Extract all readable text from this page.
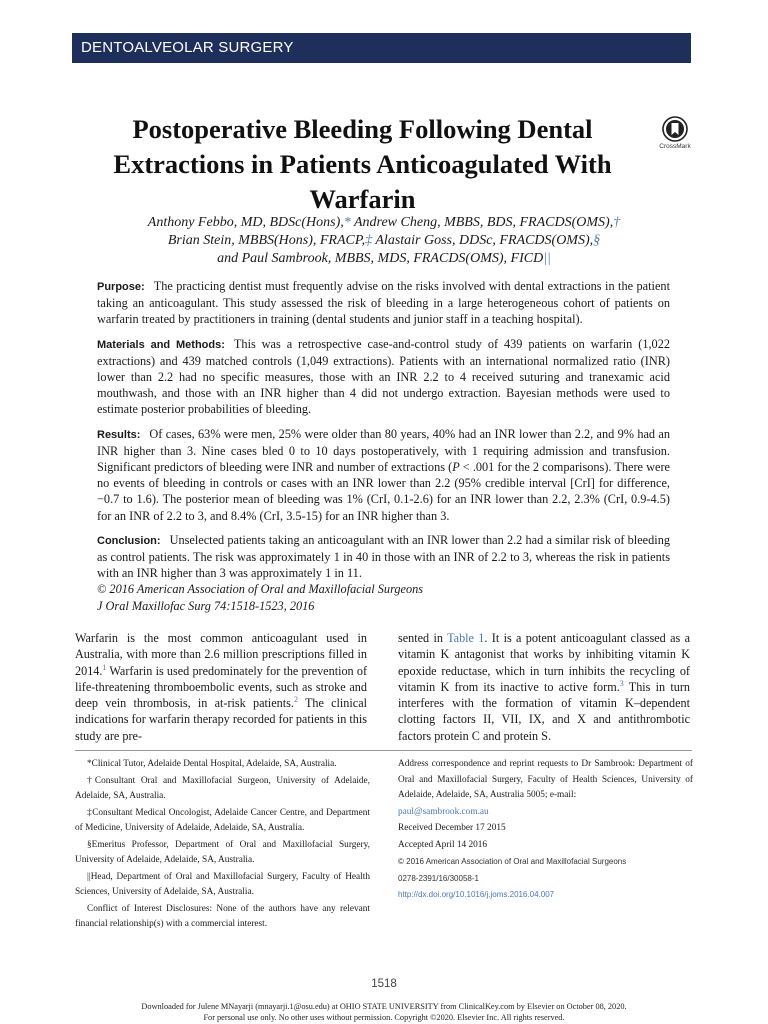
DENTOALVEOLAR SURGERY
Postoperative Bleeding Following Dental Extractions in Patients Anticoagulated With Warfarin
CrossMark
Anthony Febbo, MD, BDSc(Hons),* Andrew Cheng, MBBS, BDS, FRACDS(OMS),†
Brian Stein, MBBS(Hons), FRACP,‡ Alastair Goss, DDSc, FRACDS(OMS),§
and Paul Sambrook, MBBS, MDS, FRACDS(OMS), FICD||

Purpose: The practicing dentist must frequently advise on the risks involved with dental extractions in the patient taking an anticoagulant. This study assessed the risk of bleeding in a large heterogeneous cohort of patients on warfarin treated by practitioners in training (dental students and junior staff in a teaching hospital).

Materials and Methods: This was a retrospective case-and-control study of 439 patients on warfarin (1,022 extractions) and 439 matched controls (1,049 extractions). Patients with an international normalized ratio (INR) lower than 2.2 had no specific measures, those with an INR 2.2 to 4 received suturing and tranexamic acid mouthwash, and those with an INR higher than 4 did not undergo extraction. Bayesian methods were used to estimate posterior probabilities of bleeding.

Results: Of cases, 63% were men, 25% were older than 80 years, 40% had an INR lower than 2.2, and 9% had an INR higher than 3. Nine cases bled 0 to 10 days postoperatively, with 1 requiring admission and transfusion. Significant predictors of bleeding were INR and number of extractions (P < .001 for the 2 comparisons). There were no events of bleeding in controls or cases with an INR lower than 2.2 (95% credible interval [CrI] for difference, −0.7 to 1.6). The posterior mean of bleeding was 1% (CrI, 0.1-2.6) for an INR lower than 2.2, 2.3% (CrI, 0.9-4.5) for an INR of 2.2 to 3, and 8.4% (CrI, 3.5-15) for an INR higher than 3.

Conclusion: Unselected patients taking an anticoagulant with an INR lower than 2.2 had a similar risk of bleeding as control patients. The risk was approximately 1 in 40 in those with an INR of 2.2 to 3, whereas the risk in patients with an INR higher than 3 was approximately 1 in 11.

© 2016 American Association of Oral and Maxillofacial Surgeons

J Oral Maxillofac Surg 74:1518-1523, 2016

Warfarin is the most common anticoagulant used in Australia, with more than 2.6 million prescriptions filled in 2014.$^1$ Warfarin is used predominately for the prevention of life-threatening thromboembolic events, such as stroke and deep vein thrombosis, in at-risk patients.$^2$ The clinical indications for warfarin therapy recorded for patients in this study are pre-
sented in Table 1. It is a potent anticoagulant classed as a vitamin K antagonist that works by inhibiting vitamin K epoxide reductase, which in turn inhibits the recycling of vitamin K from its inactive to active form.$^3$ This in turn interferes with the formation of vitamin K–dependent clotting factors II, VII, IX, and X and antithrombotic factors protein C and protein S.

*Clinical Tutor, Adelaide Dental Hospital, Adelaide, SA, Australia.

†Consultant Oral and Maxillofacial Surgeon, University of Adelaide, Adelaide, SA, Australia.

‡Consultant Medical Oncologist, Adelaide Cancer Centre, and Department of Medicine, University of Adelaide, Adelaide, SA, Australia.

§Emeritus Professor, Department of Oral and Maxillofacial Surgery, University of Adelaide, Adelaide, SA, Australia.

||Head, Department of Oral and Maxillofacial Surgery, Faculty of Health Sciences, University of Adelaide, SA, Australia.

Conflict of Interest Disclosures: None of the authors have any relevant financial relationship(s) with a commercial interest.

Address correspondence and reprint requests to Dr Sambrook: Department of Oral and Maxillofacial Surgery, Faculty of Health Sciences, University of Adelaide, Adelaide, SA, Australia 5005; e-mail:

paul@sambrook.com.au

Received December 17 2015

Accepted April 14 2016

© 2016 American Association of Oral and Maxillofacial Surgeons

0278-2391/16/30058-1

http://dx.doi.org/10.1016/j.joms.2016.04.007

1518
Downloaded for Julene MNayarji (mnayarji.1@osu.edu) at OHIO STATE UNIVERSITY from ClinicalKey.com by Elsevier on October 08, 2020.
For personal use only. No other uses without permission. Copyright ©2020. Elsevier Inc. All rights reserved.
